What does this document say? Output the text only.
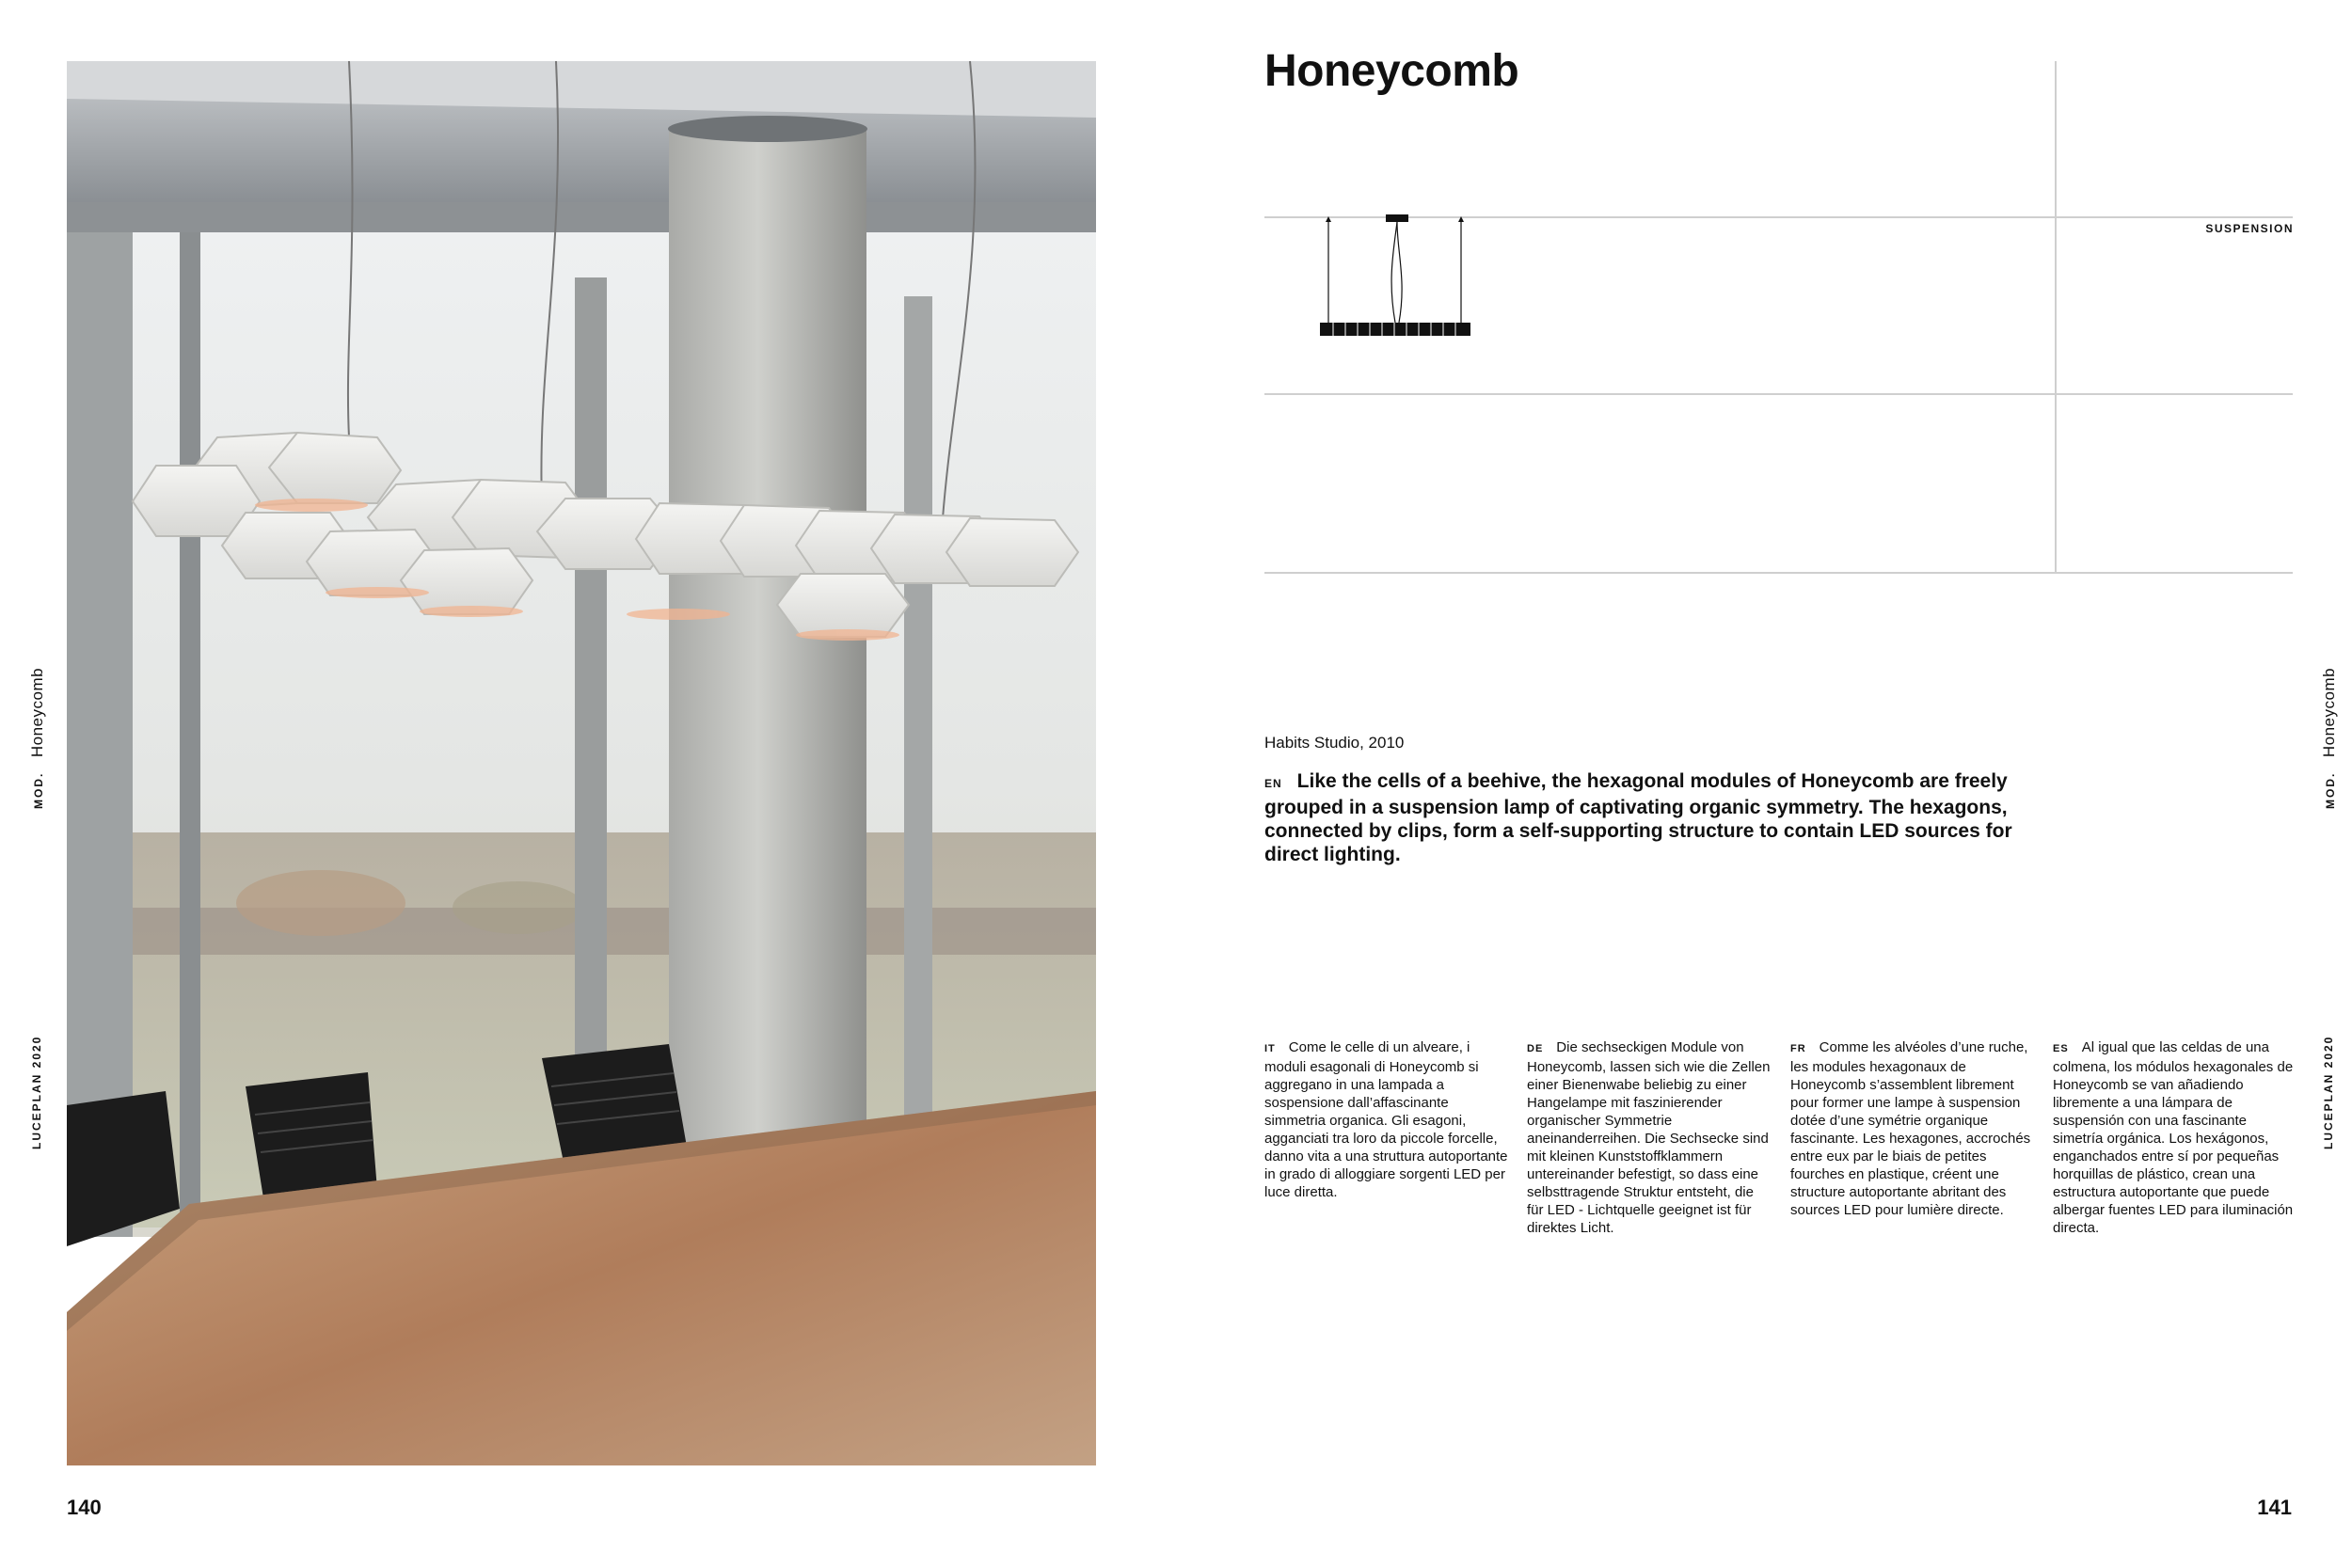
MOD.   Honeycomb
LUCEPLAN 2020
MOD.   Honeycomb
LUCEPLAN 2020
140	141
Honeycomb
SUSPENSION
Habits Studio, 2010
EN Like the cells of a beehive, the hexagonal modules of Honeycomb are freely grouped in a suspension lamp of captivating organic symmetry. The hexagons, connected by clips, form a self-supporting structure to contain LED sources for direct lighting.
IT Come le celle di un alveare, i moduli esagonali di Honeycomb si aggregano in una lampada a sospensione dall’affascinante simmetria organica. Gli esagoni, agganciati tra loro da piccole forcelle, danno vita a una struttura autoportante in grado di alloggiare sorgenti LED per luce diretta.
DE Die sechseckigen Module von Honeycomb, lassen sich wie die Zellen einer Bienenwabe beliebig zu einer Hangelampe mit faszinierender organischer Symmetrie aneinanderreihen. Die Sechsecke sind mit kleinen Kunststoffklammern untereinander befestigt, so dass eine selbsttragende Struktur entsteht, die für LED - Lichtquelle geeignet ist für direktes Licht.
FR Comme les alvéoles d’une ruche, les modules hexagonaux de Honeycomb s’assemblent librement pour former une lampe à suspension dotée d’une symétrie organique fascinante. Les hexagones, accrochés entre eux par le biais de petites fourches en plastique, créent une structure autoportante abritant des sources LED pour lumière directe.
ES Al igual que las celdas de una colmena, los módulos hexagonales de Honeycomb se van añadiendo libremente a una lámpara de suspensión con una fascinante simetría orgánica. Los hexágonos, enganchados entre sí por pequeñas horquillas de plástico, crean una estructura autoportante que puede albergar fuentes LED para iluminación directa.
